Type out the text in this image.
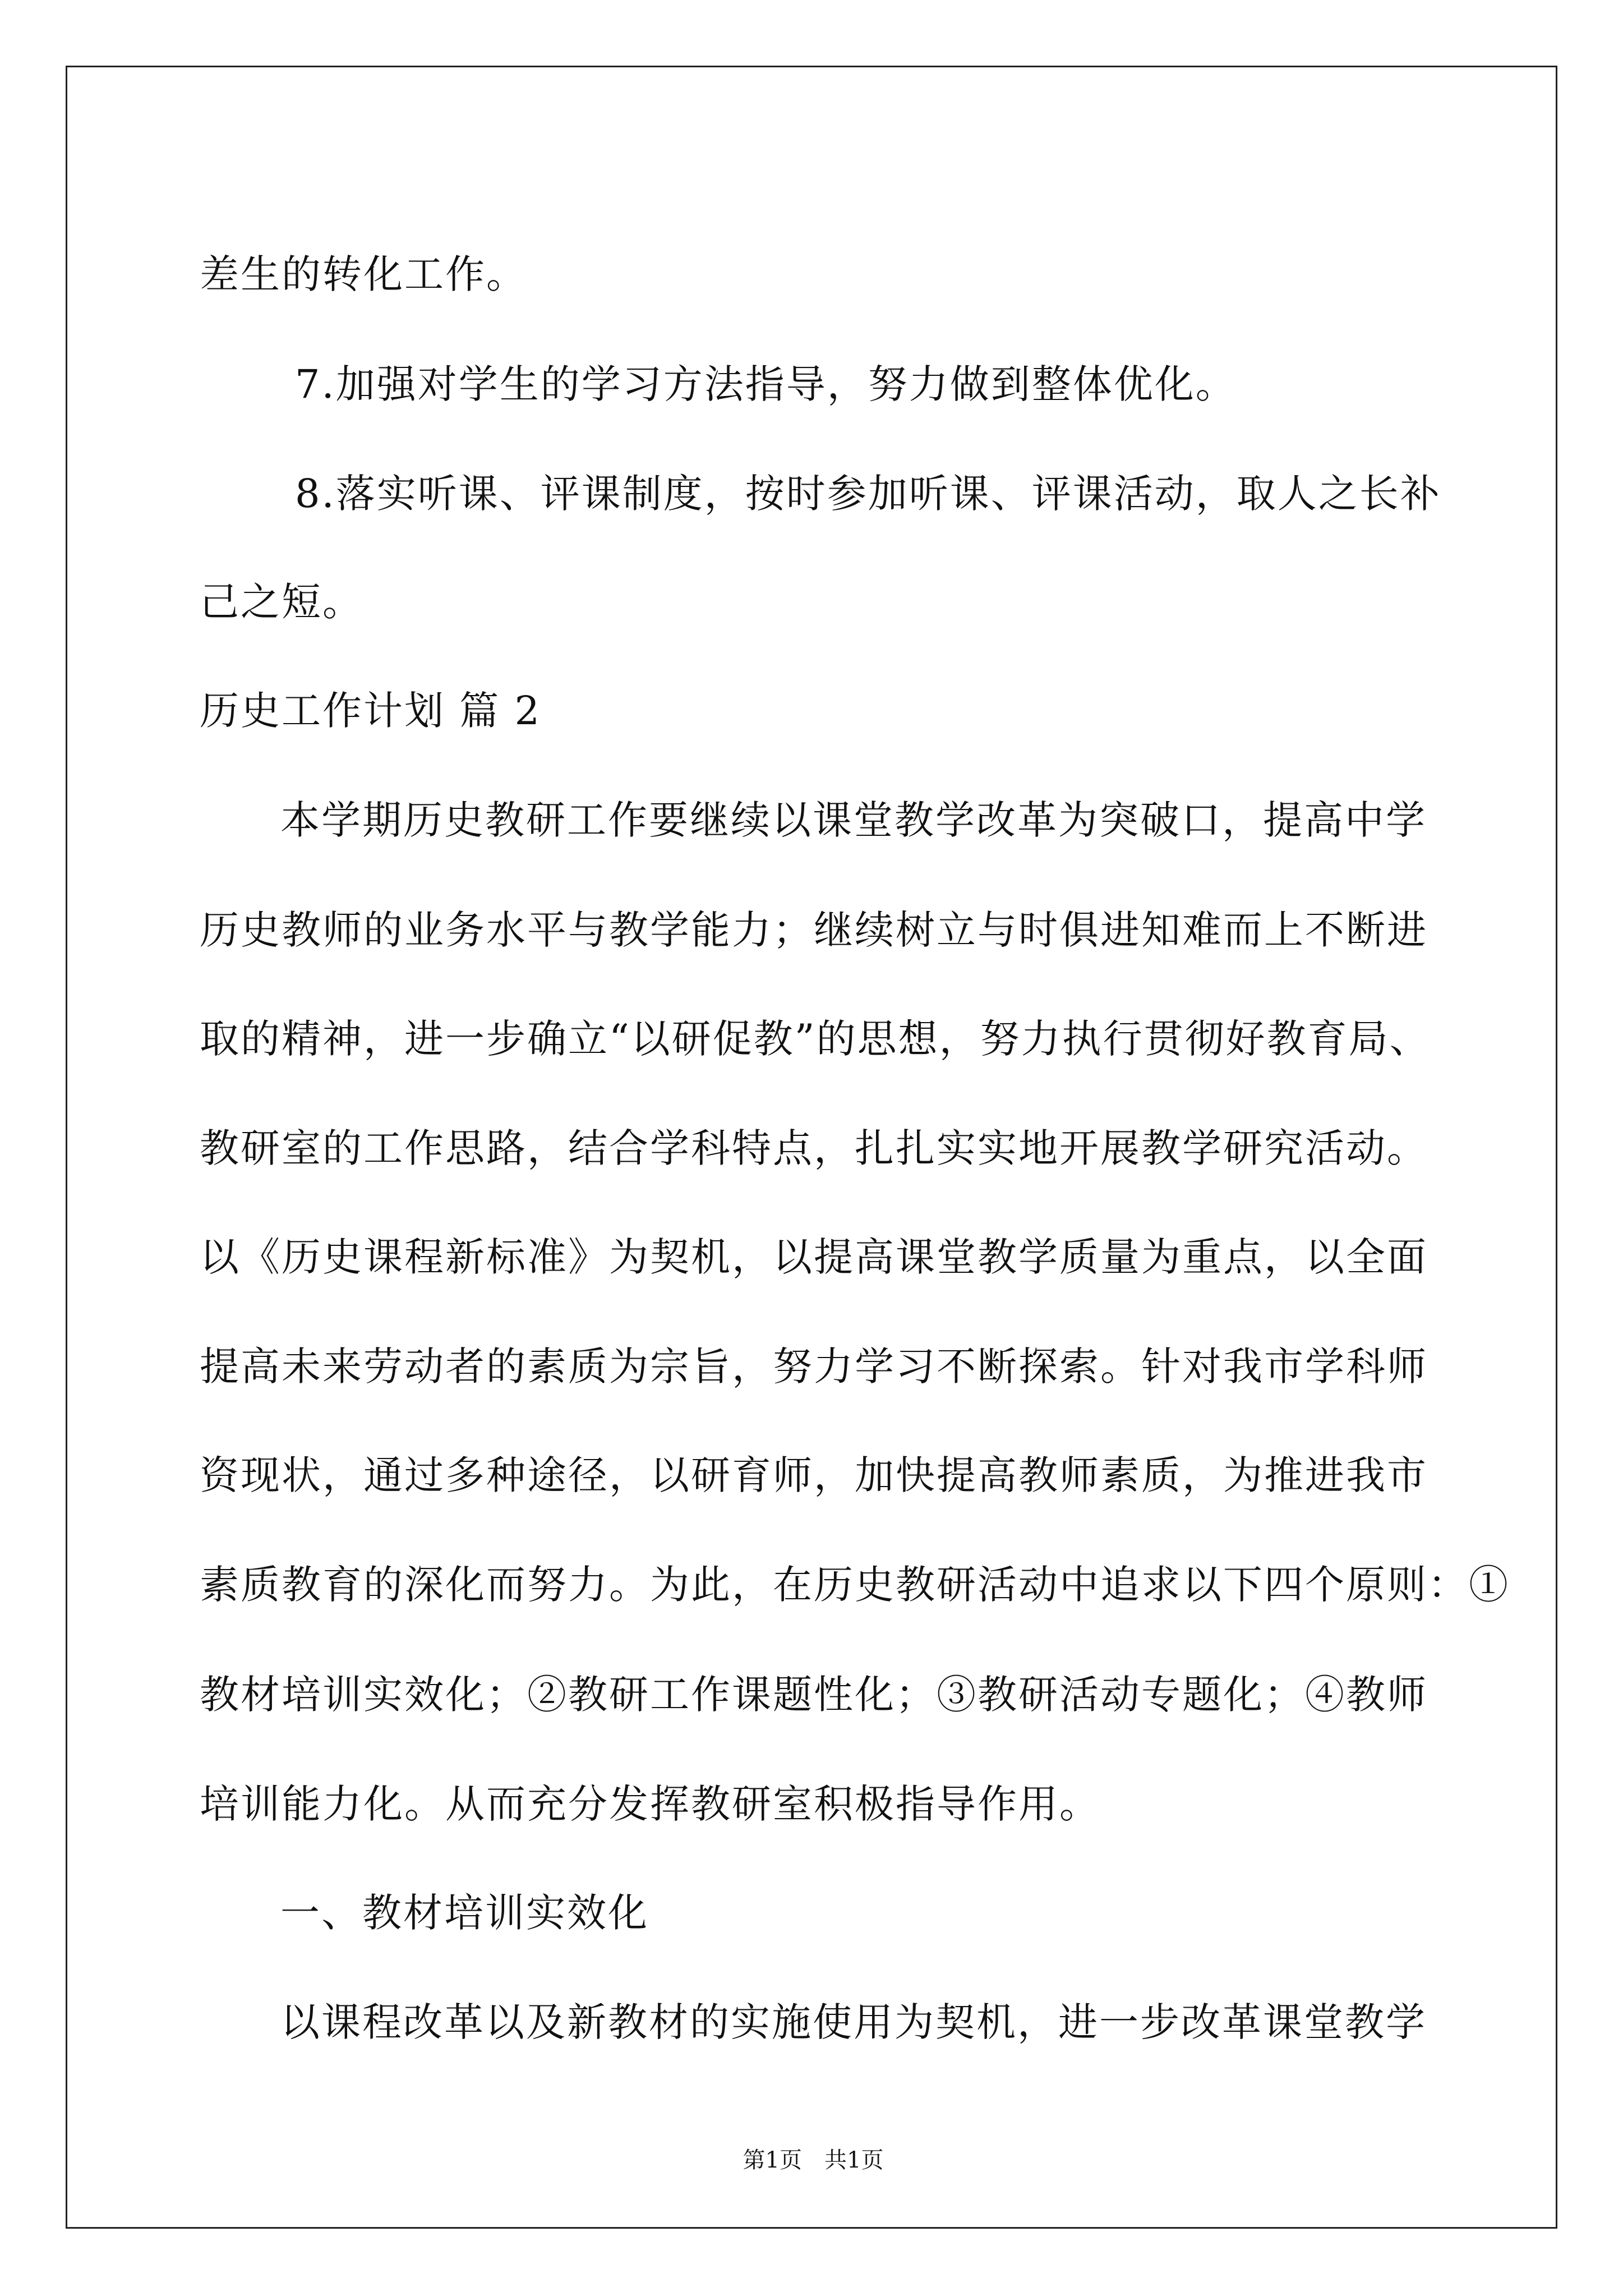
差生的转化工作。
7.加强对学生的学习方法指导，努力做到整体优化。
8.落实听课、评课制度，按时参加听课、评课活动，取人之长补
己之短。
历史工作计划 篇 2
本学期历史教研工作要继续以课堂教学改革为突破口，提高中学
历史教师的业务水平与教学能力；继续树立与时俱进知难而上不断进
取的精神，进一步确立“以研促教”的思想，努力执行贯彻好教育局、
教研室的工作思路，结合学科特点，扎扎实实地开展教学研究活动。
以《历史课程新标准》为契机，以提高课堂教学质量为重点，以全面
提高未来劳动者的素质为宗旨，努力学习不断探索。针对我市学科师
资现状，通过多种途径，以研育师，加快提高教师素质，为推进我市
素质教育的深化而努力。为此，在历史教研活动中追求以下四个原则：①
教材培训实效化；②教研工作课题性化；③教研活动专题化；④教师
培训能力化。从而充分发挥教研室积极指导作用。
一、教材培训实效化
以课程改革以及新教材的实施使用为契机，进一步改革课堂教学
第1页　共1页
